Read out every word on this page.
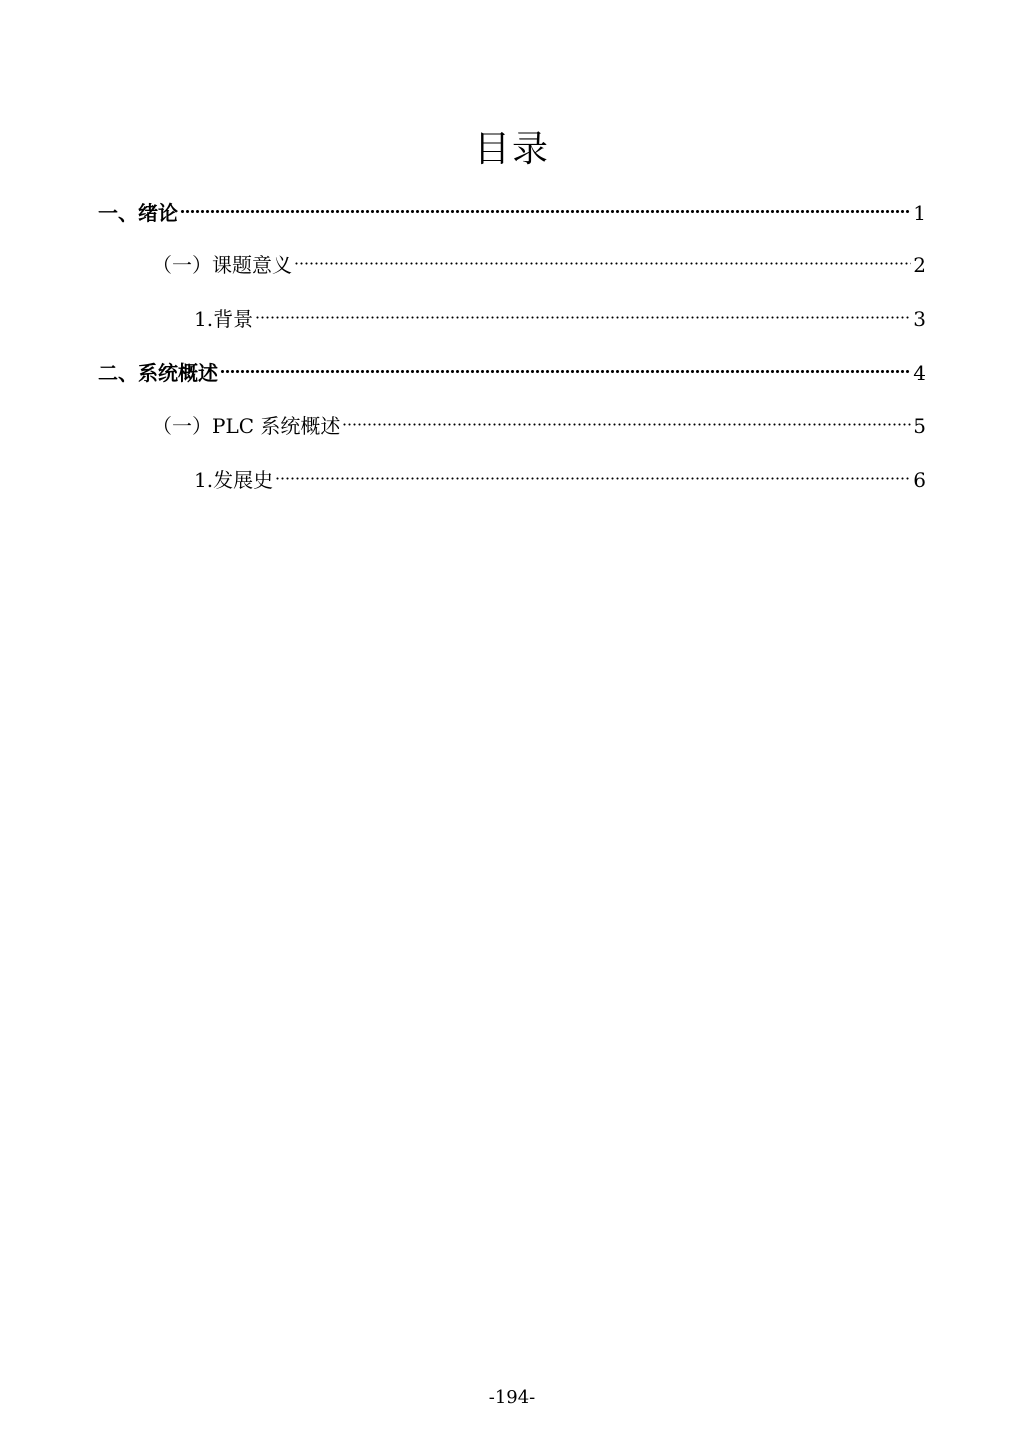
目录
一、绪论	1
（一）课题意义	2
1.背景	3
二、系统概述	4
（一）PLC 系统概述	5
1.发展史	6
-194-
